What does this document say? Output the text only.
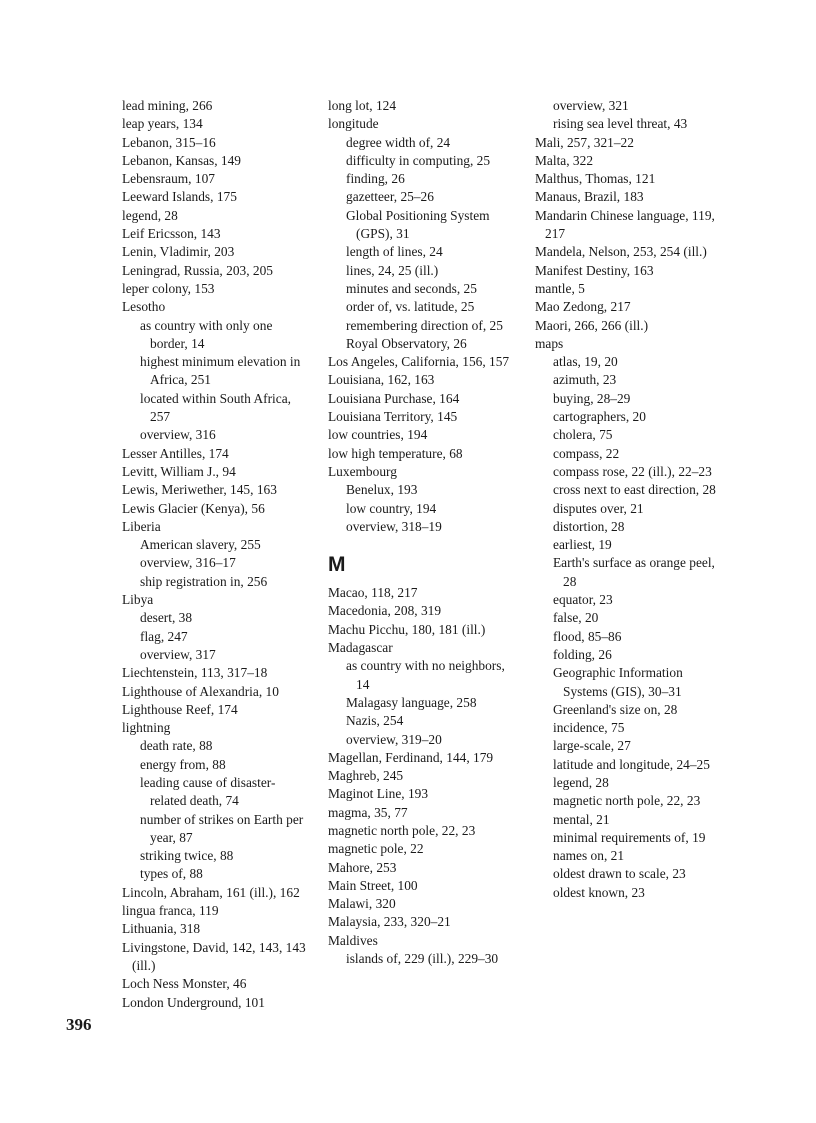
lead mining, 266
leap years, 134
Lebanon, 315–16
Lebanon, Kansas, 149
Lebensraum, 107
Leeward Islands, 175
legend, 28
Leif Ericsson, 143
Lenin, Vladimir, 203
Leningrad, Russia, 203, 205
leper colony, 153
Lesotho
as country with only one border, 14
highest minimum elevation in Africa, 251
located within South Africa, 257
overview, 316
Lesser Antilles, 174
Levitt, William J., 94
Lewis, Meriwether, 145, 163
Lewis Glacier (Kenya), 56
Liberia
American slavery, 255
overview, 316–17
ship registration in, 256
Libya
desert, 38
flag, 247
overview, 317
Liechtenstein, 113, 317–18
Lighthouse of Alexandria, 10
Lighthouse Reef, 174
lightning
death rate, 88
energy from, 88
leading cause of disaster-related death, 74
number of strikes on Earth per year, 87
striking twice, 88
types of, 88
Lincoln, Abraham, 161 (ill.), 162
lingua franca, 119
Lithuania, 318
Livingstone, David, 142, 143, 143 (ill.)
Loch Ness Monster, 46
London Underground, 101
long lot, 124
longitude
degree width of, 24
difficulty in computing, 25
finding, 26
gazetteer, 25–26
Global Positioning System (GPS), 31
length of lines, 24
lines, 24, 25 (ill.)
minutes and seconds, 25
order of, vs. latitude, 25
remembering direction of, 25
Royal Observatory, 26
Los Angeles, California, 156, 157
Louisiana, 162, 163
Louisiana Purchase, 164
Louisiana Territory, 145
low countries, 194
low high temperature, 68
Luxembourg
Benelux, 193
low country, 194
overview, 318–19
M
Macao, 118, 217
Macedonia, 208, 319
Machu Picchu, 180, 181 (ill.)
Madagascar
as country with no neighbors, 14
Malagasy language, 258
Nazis, 254
overview, 319–20
Magellan, Ferdinand, 144, 179
Maghreb, 245
Maginot Line, 193
magma, 35, 77
magnetic north pole, 22, 23
magnetic pole, 22
Mahore, 253
Main Street, 100
Malawi, 320
Malaysia, 233, 320–21
Maldives
islands of, 229 (ill.), 229–30
overview, 321
rising sea level threat, 43
Mali, 257, 321–22
Malta, 322
Malthus, Thomas, 121
Manaus, Brazil, 183
Mandarin Chinese language, 119, 217
Mandela, Nelson, 253, 254 (ill.)
Manifest Destiny, 163
mantle, 5
Mao Zedong, 217
Maori, 266, 266 (ill.)
maps
atlas, 19, 20
azimuth, 23
buying, 28–29
cartographers, 20
cholera, 75
compass, 22
compass rose, 22 (ill.), 22–23
cross next to east direction, 28
disputes over, 21
distortion, 28
earliest, 19
Earth's surface as orange peel, 28
equator, 23
false, 20
flood, 85–86
folding, 26
Geographic Information Systems (GIS), 30–31
Greenland's size on, 28
incidence, 75
large-scale, 27
latitude and longitude, 24–25
legend, 28
magnetic north pole, 22, 23
mental, 21
minimal requirements of, 19
names on, 21
oldest drawn to scale, 23
oldest known, 23
396
